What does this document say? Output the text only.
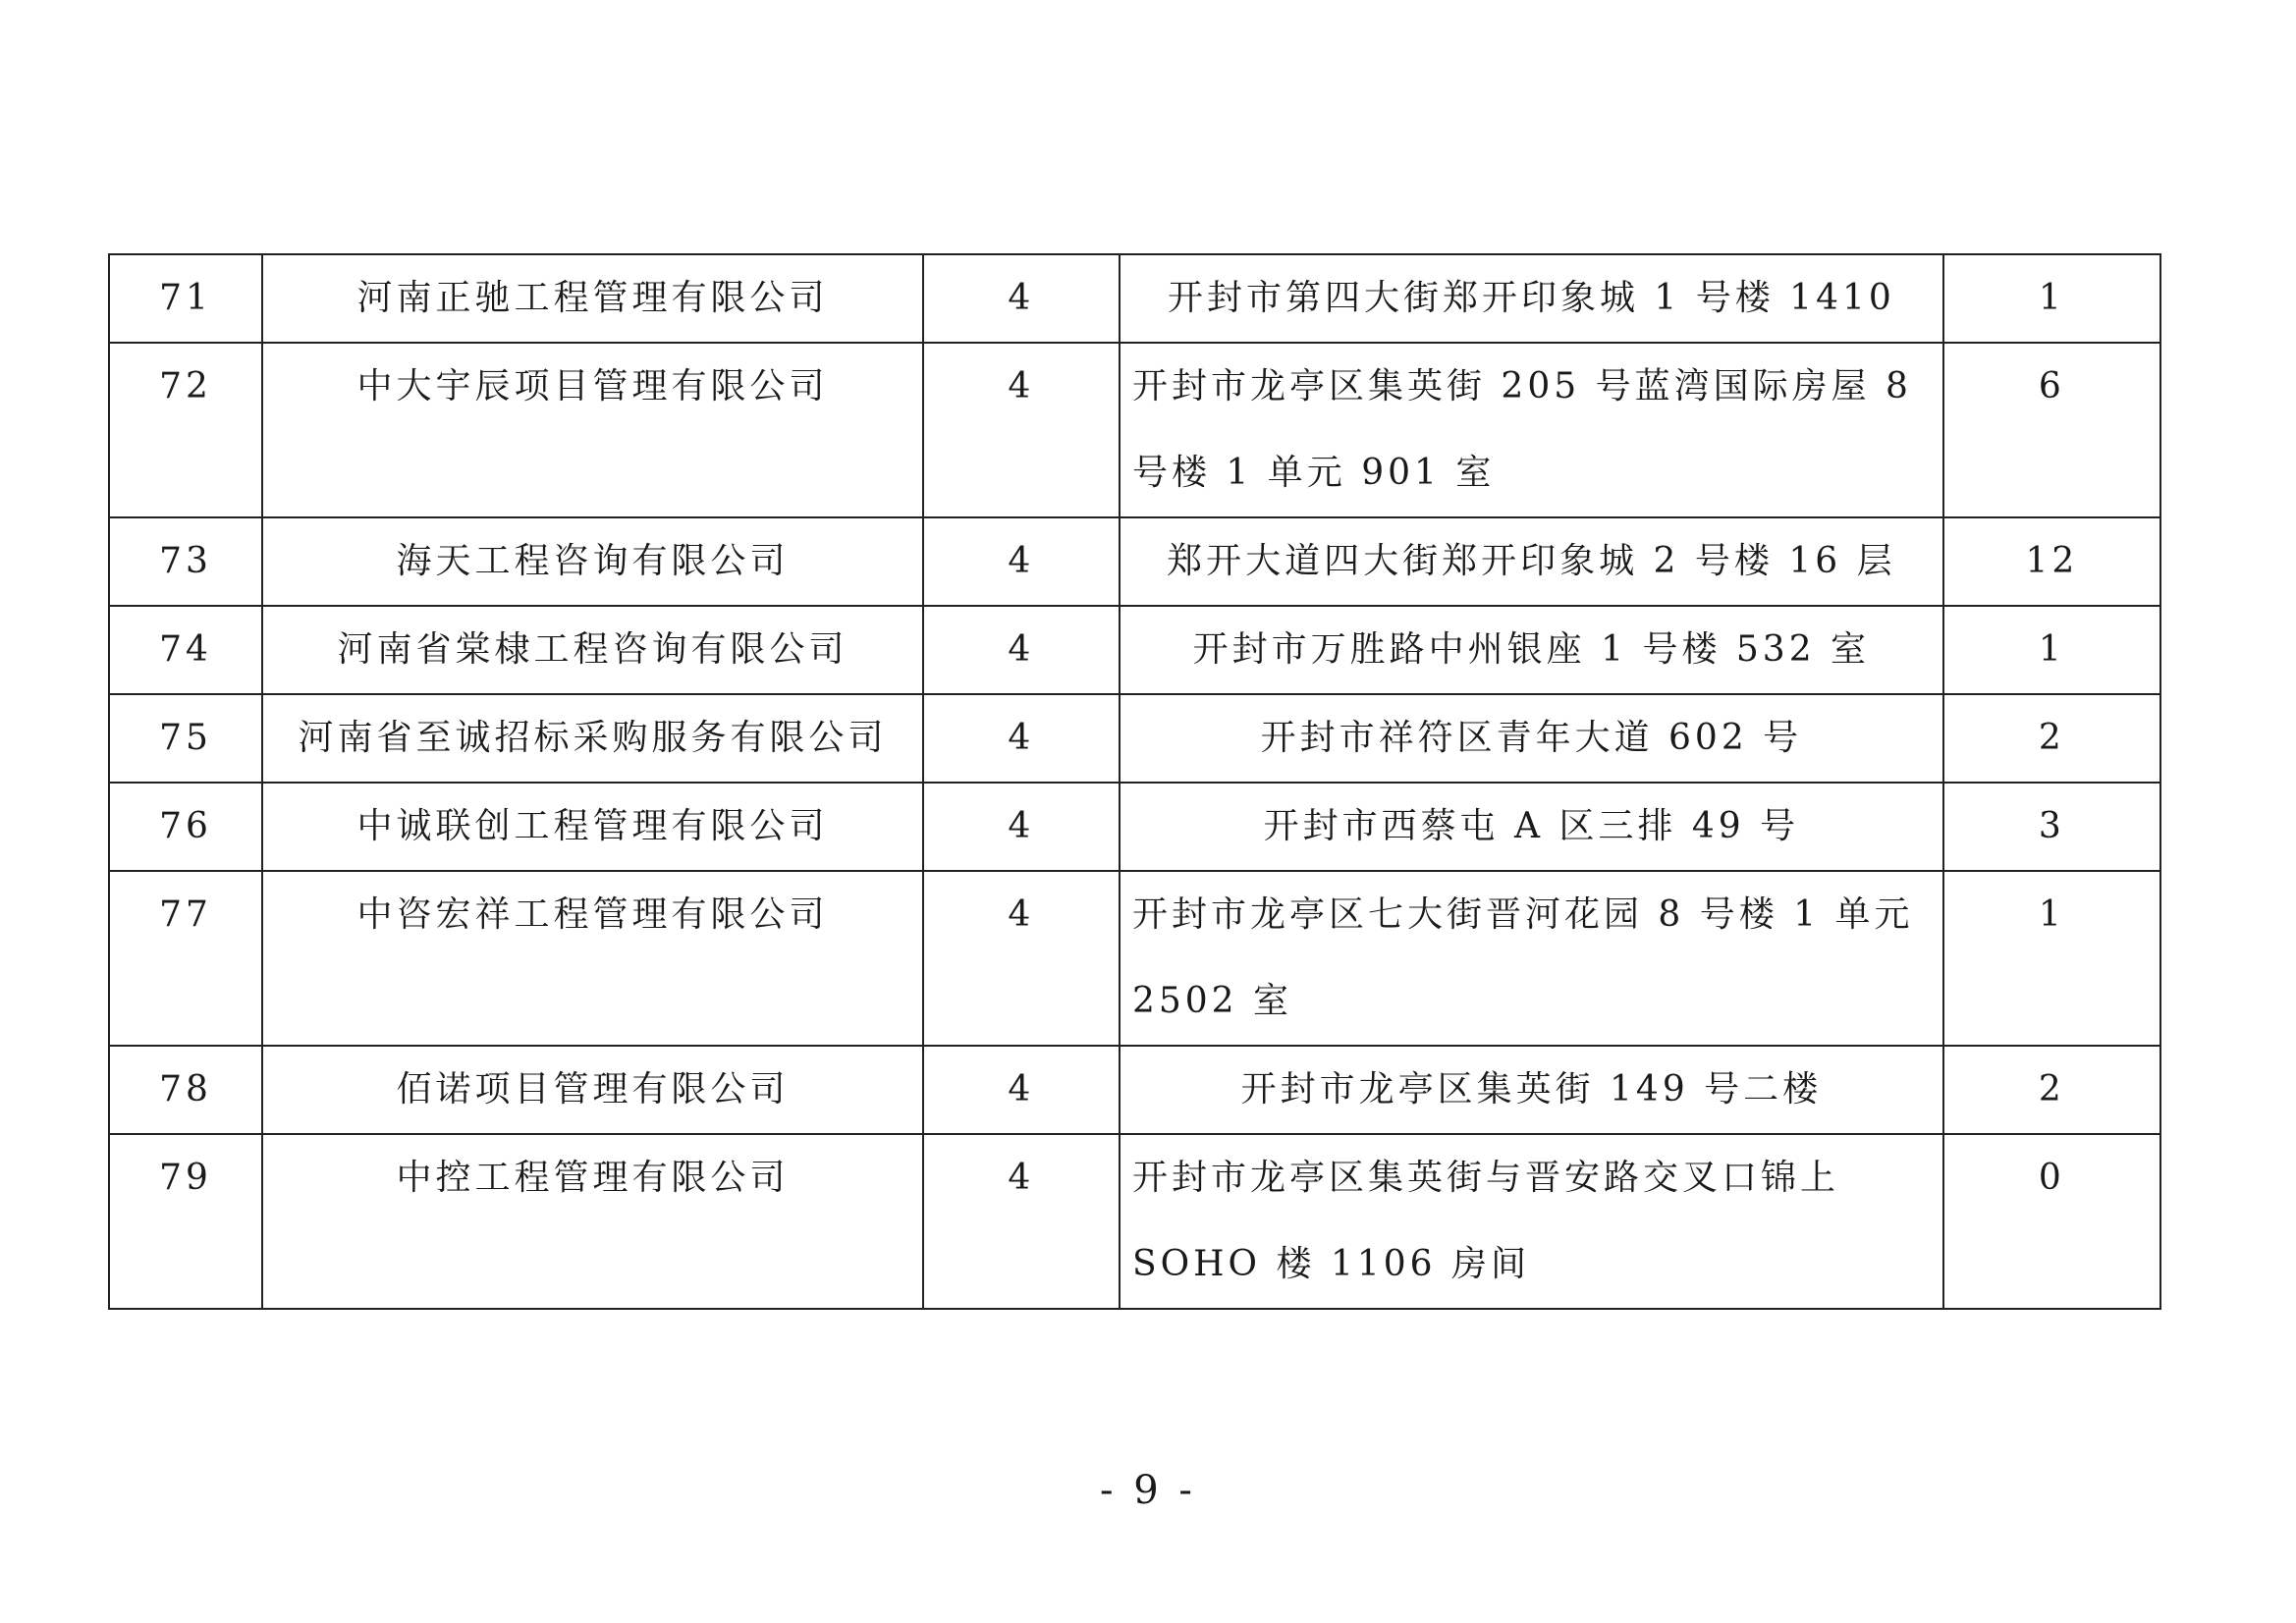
71	河南正驰工程管理有限公司	4	开封市第四大街郑开印象城 1 号楼 1410	1
72	中大宇辰项目管理有限公司	4	开封市龙亭区集英街 205 号蓝湾国际房屋 8 号楼 1 单元 901 室	6
73	海天工程咨询有限公司	4	郑开大道四大街郑开印象城 2 号楼 16 层	12
74	河南省棠棣工程咨询有限公司	4	开封市万胜路中州银座 1 号楼 532 室	1
75	河南省至诚招标采购服务有限公司	4	开封市祥符区青年大道 602 号	2
76	中诚联创工程管理有限公司	4	开封市西蔡屯 A 区三排 49 号	3
77	中咨宏祥工程管理有限公司	4	开封市龙亭区七大街晋河花园 8 号楼 1 单元 2502 室	1
78	佰诺项目管理有限公司	4	开封市龙亭区集英街 149 号二楼	2
79	中控工程管理有限公司	4	开封市龙亭区集英街与晋安路交叉口锦上 SOHO 楼 1106 房间	0
- 9 -
